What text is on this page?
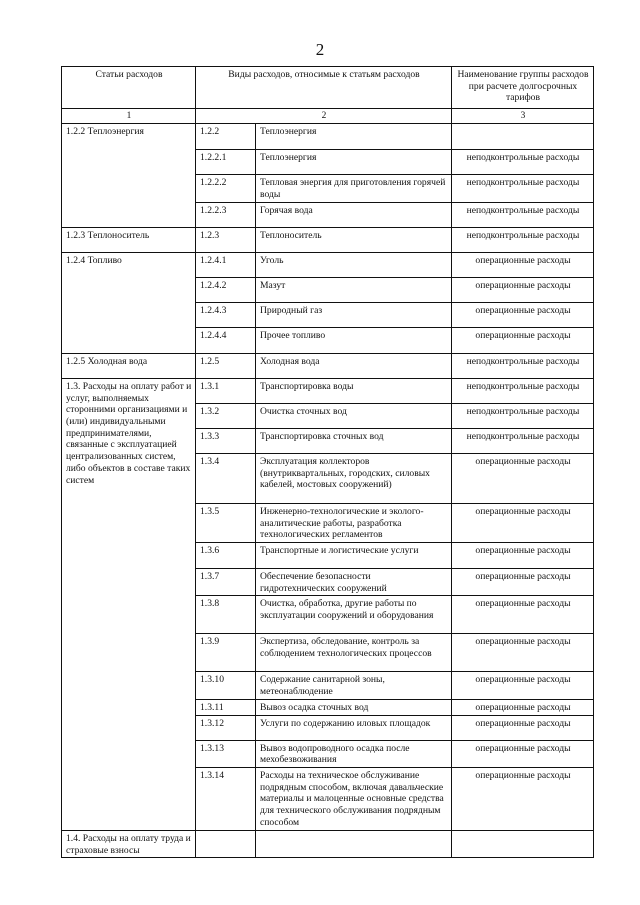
2
Статьи расходов	Виды расходов, относимые к статьям расходов		Наименование группы расходов при расчете долгосрочных тарифов
1	2		3
1.2.2 Теплоэнергия	1.2.2	Теплоэнергия	
	1.2.2.1	Теплоэнергия	неподконтрольные расходы
	1.2.2.2	Тепловая энергия для приготовления горячей воды	неподконтрольные расходы
	1.2.2.3	Горячая вода	неподконтрольные расходы
1.2.3 Теплоноситель	1.2.3	Теплоноситель	неподконтрольные расходы
1.2.4 Топливо	1.2.4.1	Уголь	операционные расходы
	1.2.4.2	Мазут	операционные расходы
	1.2.4.3	Природный газ	операционные расходы
	1.2.4.4	Прочее топливо	операционные расходы
1.2.5 Холодная вода	1.2.5	Холодная вода	неподконтрольные расходы
1.3. Расходы на оплату работ и услуг, выполняемых сторонними организациями и (или) индивидуальными предпринимателями, связанные с эксплуатацией централизованных систем, либо объектов в составе таких систем	1.3.1	Транспортировка воды	неподконтрольные расходы
	1.3.2	Очистка сточных вод	неподконтрольные расходы
	1.3.3	Транспортировка сточных вод	неподконтрольные расходы
	1.3.4	Эксплуатация коллекторов (внутриквартальных, городских, силовых кабелей, мостовых сооружений)	операционные расходы
	1.3.5	Инженерно-технологические и эколого-аналитические работы, разработка технологических регламентов	операционные расходы
	1.3.6	Транспортные и логистические услуги	операционные расходы
	1.3.7	Обеспечение безопасности гидротехнических сооружений	операционные расходы
	1.3.8	Очистка, обработка, другие работы по эксплуатации сооружений и оборудования	операционные расходы
	1.3.9	Экспертиза, обследование, контроль за соблюдением технологических процессов	операционные расходы
	1.3.10	Содержание санитарной зоны, метеонаблюдение	операционные расходы
	1.3.11	Вывоз осадка сточных вод	операционные расходы
	1.3.12	Услуги по содержанию иловых площадок	операционные расходы
	1.3.13	Вывоз водопроводного осадка после мехобезвоживания	операционные расходы
	1.3.14	Расходы на техническое обслуживание подрядным способом, включая давальческие материалы и малоценные основные средства для технического обслуживания подрядным способом	операционные расходы
1.4. Расходы на оплату труда и страховые взносы			
